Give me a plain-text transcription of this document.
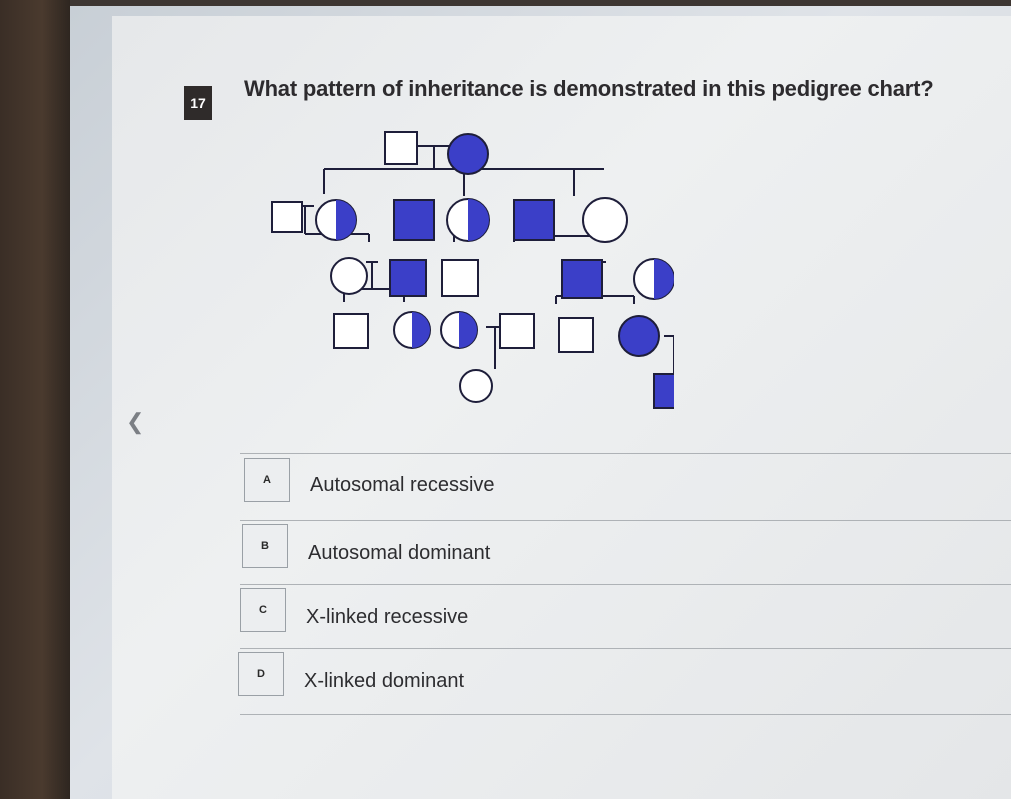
17
What pattern of inheritance is demonstrated in this pedigree chart?
❮
A	Autosomal recessive
B	Autosomal dominant
C	X-linked recessive
D	X-linked dominant
